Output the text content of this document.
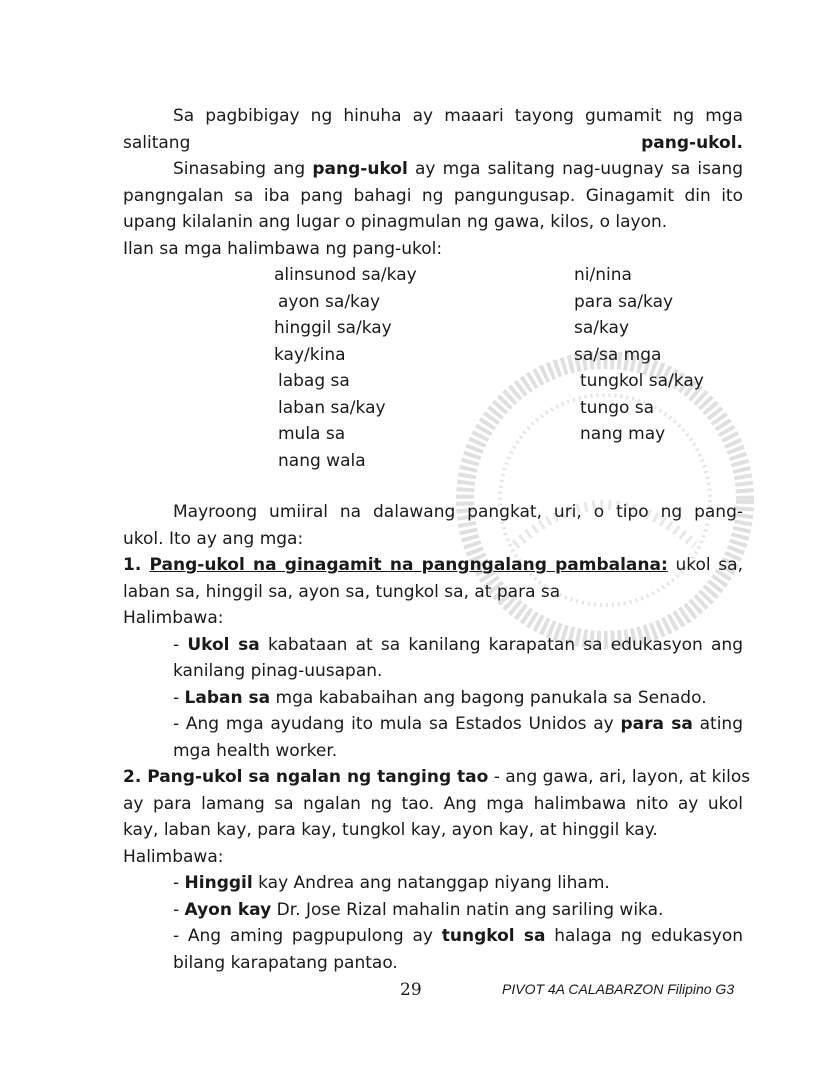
Sa pagbibigay ng hinuha ay maaari tayong gumamit ng mga salitang	pang-ukol.
Sinasabing ang pang-ukol ay mga salitang nag-uugnay sa isang
pangngalan sa iba pang bahagi ng pangungusap. Ginagamit din ito
upang kilalanin ang lugar o pinagmulan ng gawa, kilos, o layon.
Ilan sa mga halimbawa ng pang-ukol:
alinsunod sa/kay
ayon sa/kay
hinggil sa/kay
kay/kina
labag sa
laban sa/kay
mula sa
nang wala
ni/nina
para sa/kay
sa/kay
sa/sa mga
tungkol sa/kay
tungo sa
nang may
Mayroong umiiral na dalawang pangkat, uri, o tipo ng pang-
ukol. Ito ay ang mga:
1. Pang-ukol na ginagamit na pangngalang pambalana: ukol sa,
laban sa, hinggil sa, ayon sa, tungkol sa, at para sa
Halimbawa:
- Ukol sa kabataan at sa kanilang karapatan sa edukasyon ang
kanilang pinag-uusapan.
- Laban sa mga kababaihan ang bagong panukala sa Senado.
- Ang mga ayudang ito mula sa Estados Unidos ay para sa ating
mga health worker.
2. Pang-ukol sa ngalan ng tanging tao - ang gawa, ari, layon, at kilos
ay para lamang sa ngalan ng tao. Ang mga halimbawa nito ay ukol
kay, laban kay, para kay, tungkol kay, ayon kay, at hinggil kay.
Halimbawa:
- Hinggil kay Andrea ang natanggap niyang liham.
- Ayon kay Dr. Jose Rizal mahalin natin ang sariling wika.
- Ang aming pagpupulong ay tungkol sa halaga ng edukasyon
bilang karapatang pantao.
29	PIVOT 4A CALABARZON Filipino G3
